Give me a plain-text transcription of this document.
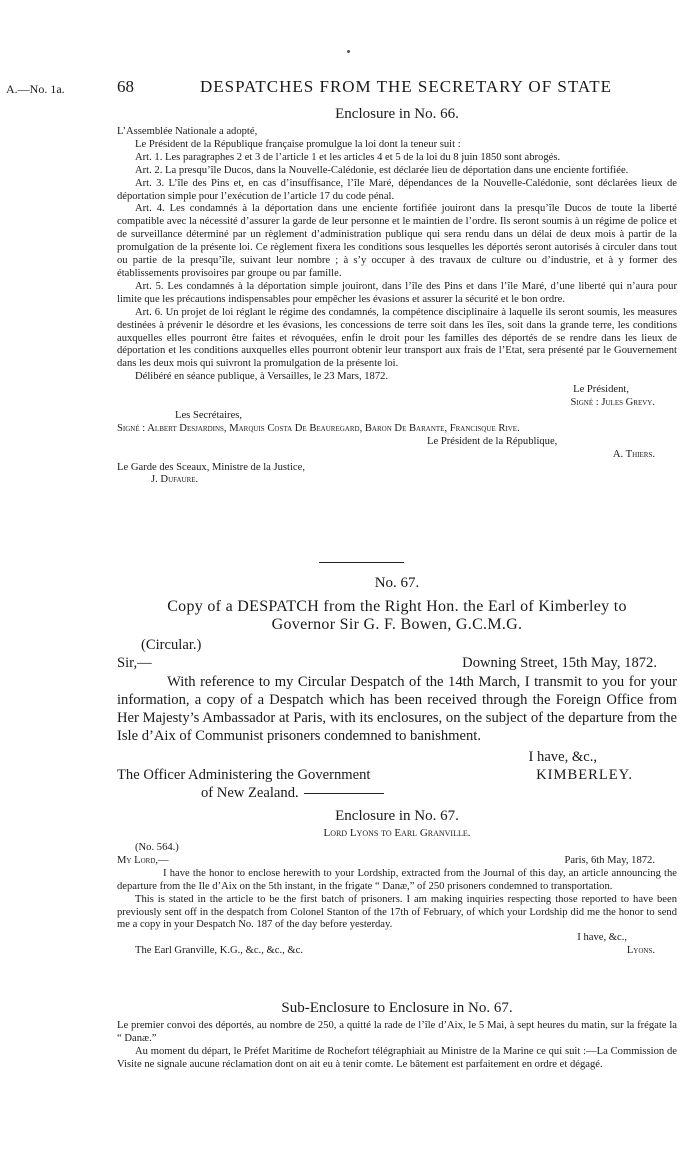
A.—No. 1a.	68	DESPATCHES FROM THE SECRETARY OF STATE
Enclosure in No. 66.

L’Assemblée Nationale a adopté,

Le Président de la République française promulgue la loi dont la teneur suit :

Art. 1. Les paragraphes 2 et 3 de l’article 1 et les articles 4 et 5 de la loi du 8 juin 1850 sont abrogés.

Art. 2. La presqu’île Ducos, dans la Nouvelle-Calédonie, est déclarée lieu de déportation dans une enciente fortifiée.

Art. 3. L’île des Pins et, en cas d’insuffisance, l’île Maré, dépendances de la Nouvelle-Calédonie, sont déclarées lieux de déportation simple pour l’exécution de l’article 17 du code pénal.

Art. 4. Les condamnés à la déportation dans une enciente fortifiée jouiront dans la presqu’île Ducos de toute la liberté compatible avec la nécessité d’assurer la garde de leur personne et le maintien de l’ordre. Ils seront soumis à un régime de police et de surveillance déterminé par un règlement d’administration publique qui sera rendu dans un délai de deux mois à partir de la promulgation de la présente loi. Ce règlement fixera les conditions sous lesquelles les déportés seront autorisés à circuler dans tout ou partie de la presqu’île, suivant leur nombre ; à s’y occuper à des travaux de culture ou d’industrie, et à y former des établissements provisoires par groupe ou par famille.

Art. 5. Les condamnés à la déportation simple jouiront, dans l’île des Pins et dans l’île Maré, d’une liberté qui n’aura pour limite que les précautions indispensables pour empêcher les évasions et assurer la sécurité et le bon ordre.

Art. 6. Un projet de loi réglant le régime des condamnés, la compétence disciplinaire à laquelle ils seront soumis, les measures destinées à prévenir le désordre et les évasions, les concessions de terre soit dans les îles, soit dans la grande terre, les conditions auxquelles elles pourront être faites et révoquées, enfin le droit pour les familles des déportés de se rendre dans les lieux de déportation et les conditions auxquelles elles pourront obtenir leur transport aux frais de l’Etat, sera présenté par le Gouvernement dans les deux mois qui suivront la promulgation de la présente loi.

Délibéré en séance publique, à Versailles, le 23 Mars, 1872.

Le Président,

Signé : Jules Grevy.

Les Secrétaires,

Signé : Albert Desjardins, Marquis Costa De Beauregard, Baron De Barante, Francisque Rive.

Le Président de la République,

A. Thiers.

Le Garde des Sceaux, Ministre de la Justice,

J. Dufaure.

No. 67.
Copy of a DESPATCH from the Right Hon. the Earl of Kimberley to
Governor Sir G. F. Bowen, G.C.M.G.
(Circular.)
Sir,—	Downing Street, 15th May, 1872.

With reference to my Circular Despatch of the 14th March, I transmit to you for your information, a copy of a Despatch which has been received through the Foreign Office from Her Majesty’s Ambassador at Paris, with its enclosures, on the subject of the departure from the Isle d’Aix of Communist prisoners condemned to banishment.

I have, &c.,

The Officer Administering the Government	KIMBERLEY.
of New Zealand.
Enclosure in No. 67.
Lord Lyons to Earl Granville.

(No. 564.)

My Lord,—	Paris, 6th May, 1872.

I have the honor to enclose herewith to your Lordship, extracted from the Journal of this day, an article announcing the departure from the Ile d’Aix on the 5th instant, in the frigate “ Danæ,” of 250 prisoners condemned to transportation.

This is stated in the article to be the first batch of prisoners. I am making inquiries respecting those reported to have been previously sent off in the despatch from Colonel Stanton of the 17th of February, of which your Lordship did me the honor to send me a copy in your Despatch No. 187 of the day before yesterday.

I have, &c.,

The Earl Granville, K.G., &c., &c., &c.	Lyons.
Sub-Enclosure to Enclosure in No. 67.

Le premier convoi des déportés, au nombre de 250, a quitté la rade de l’île d’Aix, le 5 Mai, à sept heures du matin, sur la frégate la “ Danæ.”

Au moment du départ, le Préfet Maritime de Rochefort télégraphiait au Ministre de la Marine ce qui suit :—La Commission de Visite ne signale aucune réclamation dont on ait eu à tenir comte. Le bâtement est parfaitement en ordre et dégagé.
